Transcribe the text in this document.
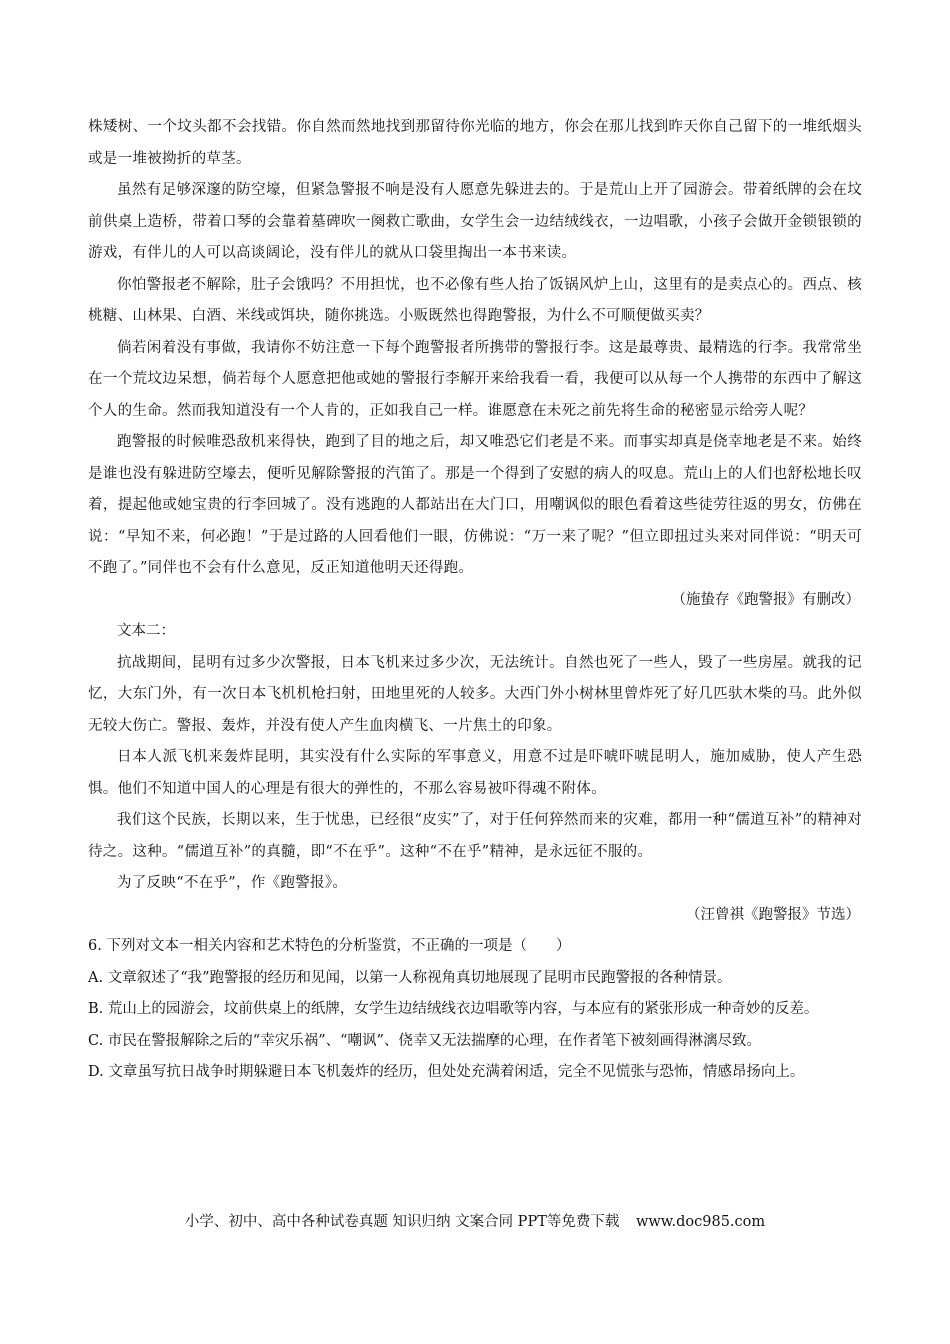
株矮树、一个坟头都不会找错。你自然而然地找到那留待你光临的地方，你会在那儿找到昨天你自己留下的一堆纸烟头或是一堆被拗折的草茎。

虽然有足够深邃的防空壕，但紧急警报不响是没有人愿意先躲进去的。于是荒山上开了园游会。带着纸牌的会在坟前供桌上造桥，带着口琴的会靠着墓碑吹一阕救亡歌曲，女学生会一边结绒线衣，一边唱歌，小孩子会做开金锁银锁的游戏，有伴儿的人可以高谈阔论，没有伴儿的就从口袋里掏出一本书来读。

你怕警报老不解除，肚子会饿吗？不用担忧，也不必像有些人抬了饭锅风炉上山，这里有的是卖点心的。西点、核桃糖、山林果、白酒、米线或饵块，随你挑选。小贩既然也得跑警报，为什么不可顺便做买卖？

倘若闲着没有事做，我请你不妨注意一下每个跑警报者所携带的警报行李。这是最尊贵、最精选的行李。我常常坐在一个荒坟边呆想，倘若每个人愿意把他或她的警报行李解开来给我看一看，我便可以从每一个人携带的东西中了解这个人的生命。然而我知道没有一个人肯的，正如我自己一样。谁愿意在未死之前先将生命的秘密显示给旁人呢？

跑警报的时候唯恐敌机来得快，跑到了目的地之后，却又唯恐它们老是不来。而事实却真是侥幸地老是不来。始终是谁也没有躲进防空壕去，便听见解除警报的汽笛了。那是一个得到了安慰的病人的叹息。荒山上的人们也舒松地长叹着，提起他或她宝贵的行李回城了。没有逃跑的人都站出在大门口，用嘲讽似的眼色看着这些徒劳往返的男女，仿佛在说：“早知不来，何必跑！”于是过路的人回看他们一眼，仿佛说：“万一来了呢？”但立即扭过头来对同伴说：“明天可不跑了。”同伴也不会有什么意见，反正知道他明天还得跑。

（施蛰存《跑警报》有删改）

文本二：

抗战期间，昆明有过多少次警报，日本飞机来过多少次，无法统计。自然也死了一些人，毁了一些房屋。就我的记忆，大东门外，有一次日本飞机机枪扫射，田地里死的人较多。大西门外小树林里曾炸死了好几匹驮木柴的马。此外似无较大伤亡。警报、轰炸，并没有使人产生血肉横飞、一片焦土的印象。

日本人派飞机来轰炸昆明，其实没有什么实际的军事意义，用意不过是吓唬吓唬昆明人，施加威胁，使人产生恐惧。他们不知道中国人的心理是有很大的弹性的，不那么容易被吓得魂不附体。

我们这个民族，长期以来，生于忧患，已经很“皮实”了，对于任何猝然而来的灾难，都用一种“儒道互补”的精神对待之。这种。“儒道互补”的真髓，即“不在乎”。这种“不在乎”精神，是永远征不服的。

为了反映“不在乎”，作《跑警报》。

（汪曾祺《跑警报》节选）

6. 下列对文本一相关内容和艺术特色的分析鉴赏，不正确的一项是（　　）

A. 文章叙述了“我”跑警报的经历和见闻，以第一人称视角真切地展现了昆明市民跑警报的各种情景。

B. 荒山上的园游会，坟前供桌上的纸牌，女学生边结绒线衣边唱歌等内容，与本应有的紧张形成一种奇妙的反差。

C. 市民在警报解除之后的“幸灾乐祸”、“嘲讽”、侥幸又无法揣摩的心理，在作者笔下被刻画得淋漓尽致。

D. 文章虽写抗日战争时期躲避日本飞机轰炸的经历，但处处充满着闲适，完全不见慌张与恐怖，情感昂扬向上。

小学、初中、高中各种试卷真题 知识归纳 文案合同 PPT等免费下载 www.doc985.com
